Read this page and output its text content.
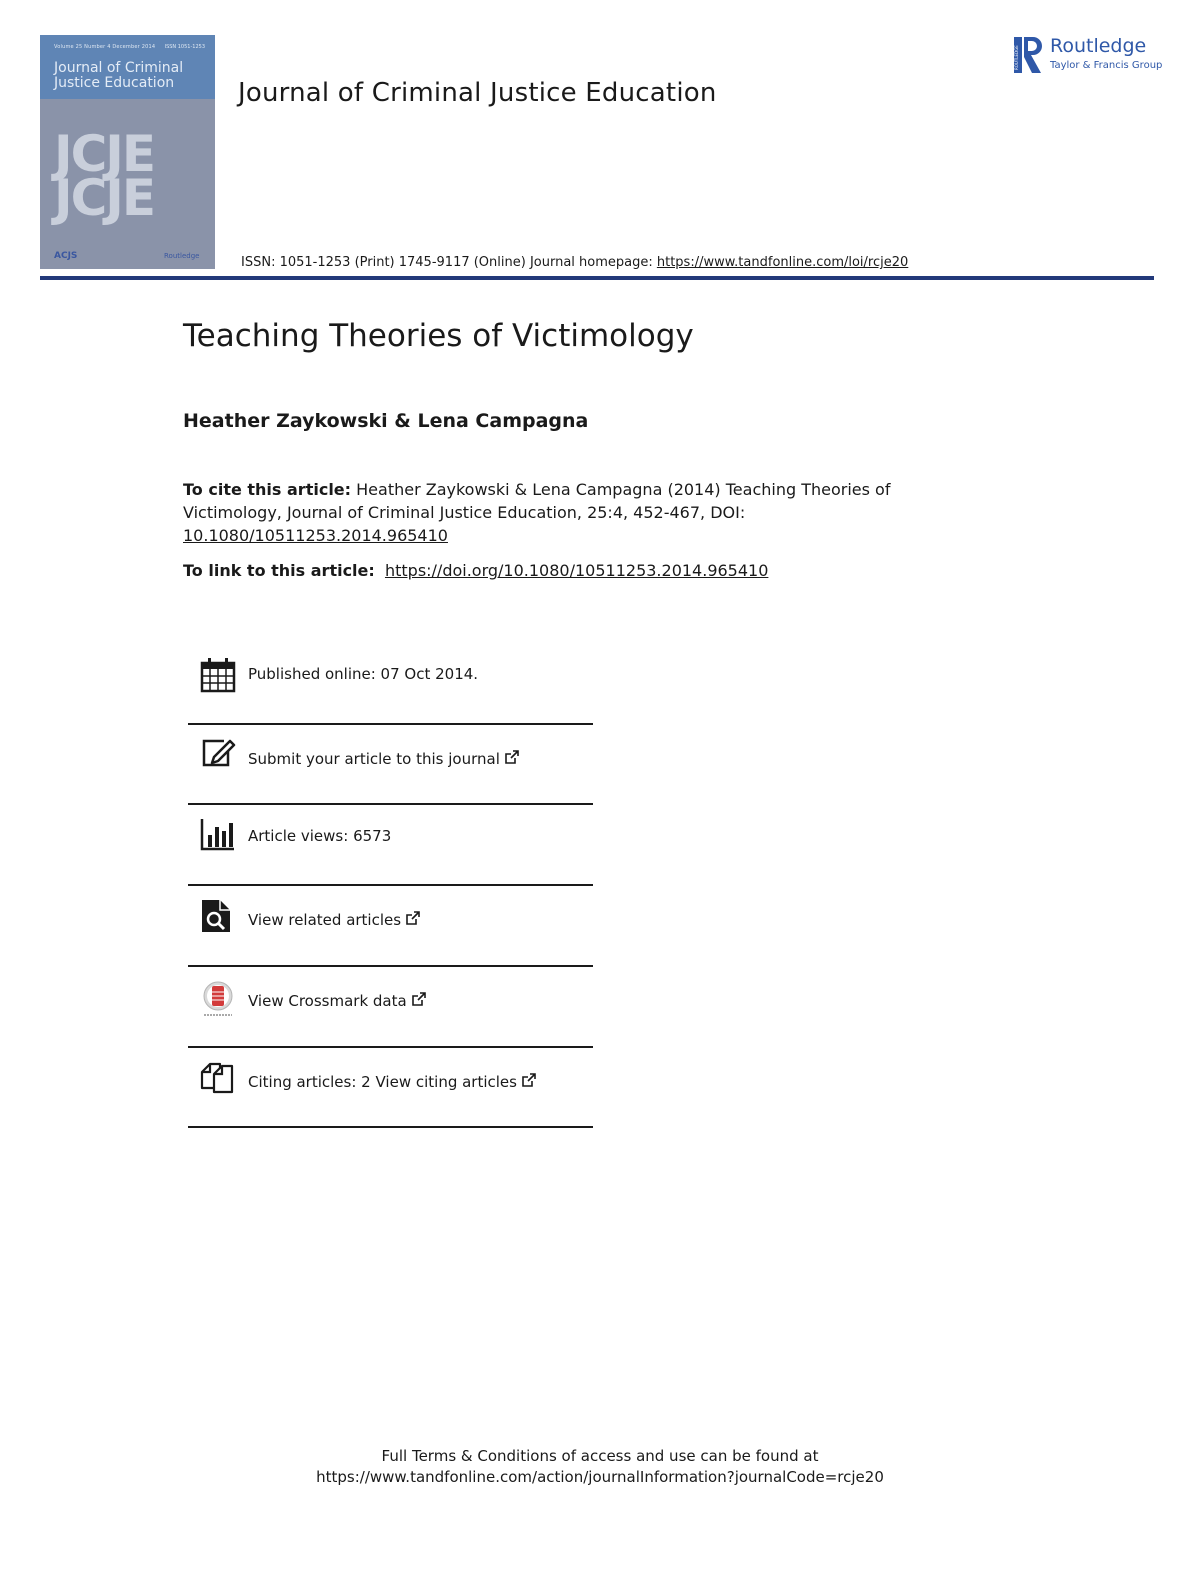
Volume 25 Number 4 December 2014 ISSN 1051-1253
Journal of Criminal Justice Education
JCJE
JCJE
ACJS	Routledge
Journal of Criminal Justice Education
ROUTLEDGE Routledge
Taylor & Francis Group
ISSN: 1051-1253 (Print) 1745-9117 (Online) Journal homepage: https://www.tandfonline.com/loi/rcje20
Teaching Theories of Victimology
Heather Zaykowski & Lena Campagna
To cite this article: Heather Zaykowski & Lena Campagna (2014) Teaching Theories of Victimology, Journal of Criminal Justice Education, 25:4, 452-467, DOI: 10.1080/10511253.2014.965410
To link to this article: https://doi.org/10.1080/10511253.2014.965410
Published online: 07 Oct 2014.
Submit your article to this journal
Article views: 6573
View related articles
View Crossmark data
Citing articles: 2 View citing articles
Full Terms & Conditions of access and use can be found at
https://www.tandfonline.com/action/journalInformation?journalCode=rcje20
